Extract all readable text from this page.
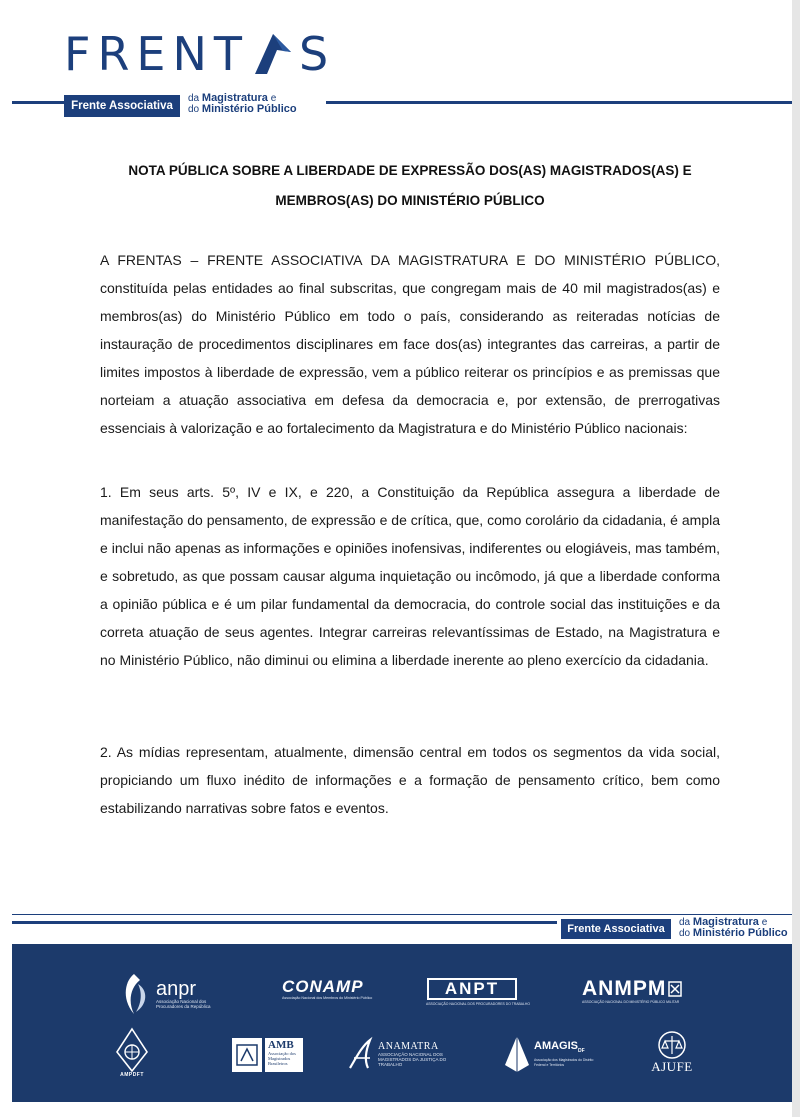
FRENT S
Frente Associativa
da Magistratura e
do Ministério Público
NOTA PÚBLICA SOBRE A LIBERDADE DE EXPRESSÃO DOS(AS) MAGISTRADOS(AS) E
MEMBROS(AS) DO MINISTÉRIO PÚBLICO

A FRENTAS – FRENTE ASSOCIATIVA DA MAGISTRATURA E DO MINISTÉRIO PÚBLICO, constituída pelas entidades ao final subscritas, que congregam mais de 40 mil magistrados(as) e membros(as) do Ministério Público em todo o país, considerando as reiteradas notícias de instauração de procedimentos disciplinares em face dos(as) integrantes das carreiras, a partir de limites impostos à liberdade de expressão, vem a público reiterar os princípios e as premissas que norteiam a atuação associativa em defesa da democracia e, por extensão, de prerrogativas essenciais à valorização e ao fortalecimento da Magistratura e do Ministério Público nacionais:

1. Em seus arts. 5º, IV e IX, e 220, a Constituição da República assegura a liberdade de manifestação do pensamento, de expressão e de crítica, que, como corolário da cidadania, é ampla e inclui não apenas as informações e opiniões inofensivas, indiferentes ou elogiáveis, mas também, e sobretudo, as que possam causar alguma inquietação ou incômodo, já que a liberdade conforma a opinião pública e é um pilar fundamental da democracia, do controle social das instituições e da correta atuação de seus agentes. Integrar carreiras relevantíssimas de Estado, na Magistratura e no Ministério Público, não diminui ou elimina a liberdade inerente ao pleno exercício da cidadania.

2. As mídias representam, atualmente, dimensão central em todos os segmentos da vida social, propiciando um fluxo inédito de informações e a formação de pensamento crítico, bem como estabilizando narrativas sobre fatos e eventos.

Frente Associativa
da Magistratura e
do Ministério Público
anpr
Associação Nacional dos Procuradores da República
CONAMP
Associação Nacional dos Membros do Ministério Público	ANPT
ASSOCIAÇÃO NACIONAL DOS PROCURADORES DO TRABALHO
ANMPM
ASSOCIAÇÃO NACIONAL DO MINISTÉRIO PÚBLICO MILITAR
AMPDFT
AMB
Associação dos Magistrados Brasileiros
ANAMATRA
ASSOCIAÇÃO NACIONAL DOS MAGISTRADOS DA JUSTIÇA DO TRABALHO
$AMAGIS_{DF}$
Associação dos Magistrados do Distrito Federal e Territórios	AJUFE
